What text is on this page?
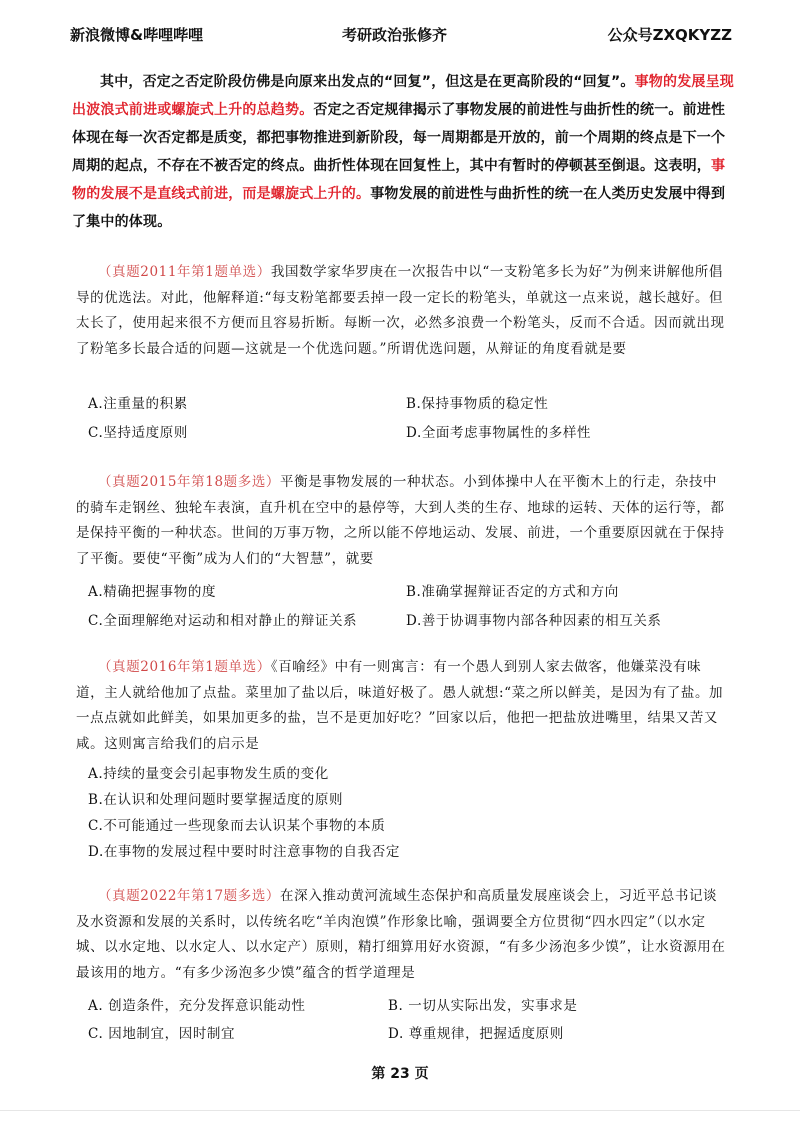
新浪微博&哔哩哔哩	考研政治张修齐	公众号ZXQKYZZ
其中，否定之否定阶段仿佛是向原来出发点的“回复”，但这是在更高阶段的“回复”。事物的发展呈现出波浪式前进或螺旋式上升的总趋势。否定之否定规律揭示了事物发展的前进性与曲折性的统一。前进性体现在每一次否定都是质变，都把事物推进到新阶段，每一周期都是开放的，前一个周期的终点是下一个周期的起点，不存在不被否定的终点。曲折性体现在回复性上，其中有暂时的停顿甚至倒退。这表明，事物的发展不是直线式前进，而是螺旋式上升的。事物发展的前进性与曲折性的统一在人类历史发展中得到了集中的体现。
（真题2011年第1题单选）我国数学家华罗庚在一次报告中以“一支粉笔多长为好”为例来讲解他所倡导的优选法。对此，他解释道:“每支粉笔都要丢掉一段一定长的粉笔头，单就这一点来说，越长越好。但太长了，使用起来很不方便而且容易折断。每断一次，必然多浪费一个粉笔头，反而不合适。因而就出现了粉笔多长最合适的问题—这就是一个优选问题。”所谓优选问题，从辩证的角度看就是要
A.注重量的积累	B.保持事物质的稳定性
C.坚持适度原则	D.全面考虑事物属性的多样性
（真题2015年第18题多选）平衡是事物发展的一种状态。小到体操中人在平衡木上的行走，杂技中的骑车走钢丝、独轮车表演，直升机在空中的悬停等，大到人类的生存、地球的运转、天体的运行等，都是保持平衡的一种状态。世间的万事万物，之所以能不停地运动、发展、前进，一个重要原因就在于保持了平衡。要使“平衡”成为人们的“大智慧”，就要
A.精确把握事物的度	B.准确掌握辩证否定的方式和方向
C.全面理解绝对运动和相对静止的辩证关系	D.善于协调事物内部各种因素的相互关系
（真题2016年第1题单选）《百喻经》中有一则寓言：有一个愚人到别人家去做客，他嫌菜没有味道，主人就给他加了点盐。菜里加了盐以后，味道好极了。愚人就想:“菜之所以鲜美，是因为有了盐。加一点点就如此鲜美，如果加更多的盐，岂不是更加好吃？”回家以后，他把一把盐放进嘴里，结果又苦又咸。这则寓言给我们的启示是
A.持续的量变会引起事物发生质的变化
B.在认识和处理问题时要掌握适度的原则
C.不可能通过一些现象而去认识某个事物的本质
D.在事物的发展过程中要时时注意事物的自我否定
（真题2022年第17题多选）在深入推动黄河流域生态保护和高质量发展座谈会上，习近平总书记谈及水资源和发展的关系时，以传统名吃“羊肉泡馍”作形象比喻，强调要全方位贯彻“四水四定”（以水定城、以水定地、以水定人、以水定产）原则，精打细算用好水资源，“有多少汤泡多少馍”，让水资源用在最该用的地方。“有多少汤泡多少馍”蕴含的哲学道理是
A. 创造条件，充分发挥意识能动性	B. 一切从实际出发，实事求是
C. 因地制宜，因时制宜	D. 尊重规律，把握适度原则
第 23 页
